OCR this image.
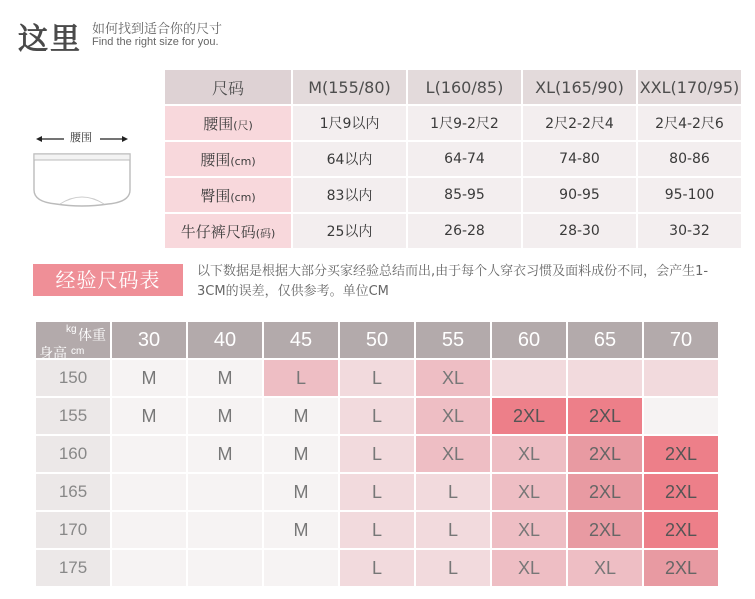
这里 如何找到适合你的尺寸
Find the right size for you.
腰围
尺码	M(155/80)	L(160/85)	XL(165/90)	XXL(170/95)
腰围(尺)	1尺9以内	1尺9-2尺2	2尺2-2尺4	2尺4-2尺6
腰围(cm)	64以内	64-74	74-80	80-86
臀围(cm)	83以内	85-95	90-95	95-100
牛仔裤尺码(码)	25以内	26-28	28-30	30-32
经验尺码表	以下数据是根据大部分买家经验总结而出,由于每个人穿衣习惯及面料成份不同，会产生1-3CM的误差，仅供参考。单位CM
kg 体重
身高 cm	30	40	45	50	55	60	65	70
150	M	M	L	L	XL			
155	M	M	M	L	XL	2XL	2XL	
160		M	M	L	XL	XL	2XL	2XL
165			M	L	L	XL	2XL	2XL
170			M	L	L	XL	2XL	2XL
175				L	L	XL	XL	2XL
